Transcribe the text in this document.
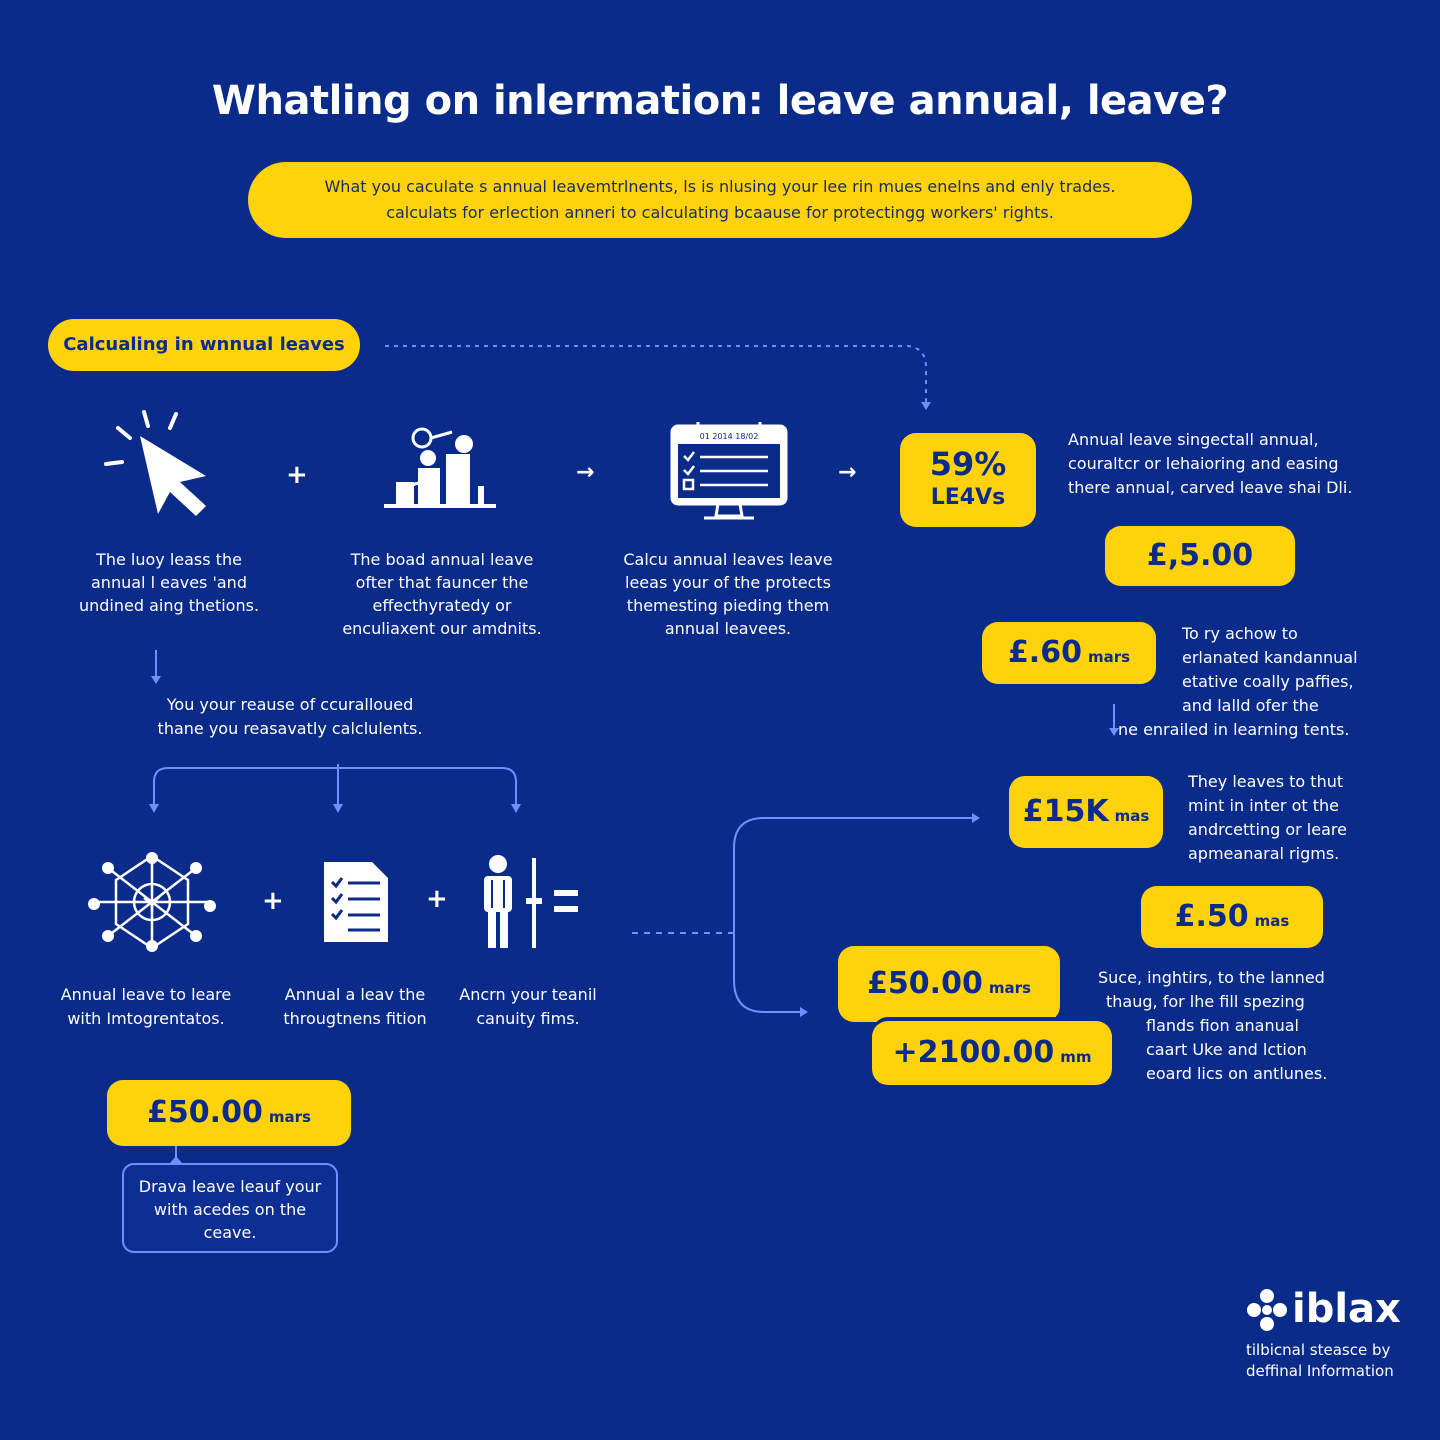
Whatling on inlermation: leave annual, leave?
What you caculate s annual leavemtrlnents, ls is nlusing your lee rin mues enelns and enly trades.
calculats for erlection anneri to calculating bcaause for protectingg workers' rights.
Calcualing in wnnual leaves
01 2014 18/02
+	→	→
The luoy leass the
annual l eaves 'and
undined aing thetions.
The boad annual leave
ofter that fauncer the
effecthyratedy or
enculiaxent our amdnits.
Calcu annual leaves leave
leeas your of the protects
themesting pieding them
annual leavees.
59%
LE4Vs
Annual leave singectall annual,
couraltcr or lehaioring and easing
there annual, carved leave shai Dli.
£,5.00
£.60 mars
To ry achow to
erlanated kandannual
etative coally paffies,
and lalld ofer the
ne enrailed in learning tents.
£15K mas
They leaves to thut
mint in inter ot the
andrcetting or leare
apmeanaral rigms.
£.50 mas
£50.00 mars
+2100.00 mm
Suce, inghtirs, to the lanned
thaug, for lhe fill spezing
flands fion ananual
caart Uke and lction
eoard lics on antlunes.
You your reause of ccurallouеd
thane you reasavatly calclulents.
+	+
Annual leave to leare
with Imtogrentatos.
Annual a leav the
througtnens fition
Ancrn your teanil
canuity fims.
£50.00 mars
Drava leave leauf your
with acedes on the
ceave.
iblax
tilbicnal steasce by
deffinal Information
